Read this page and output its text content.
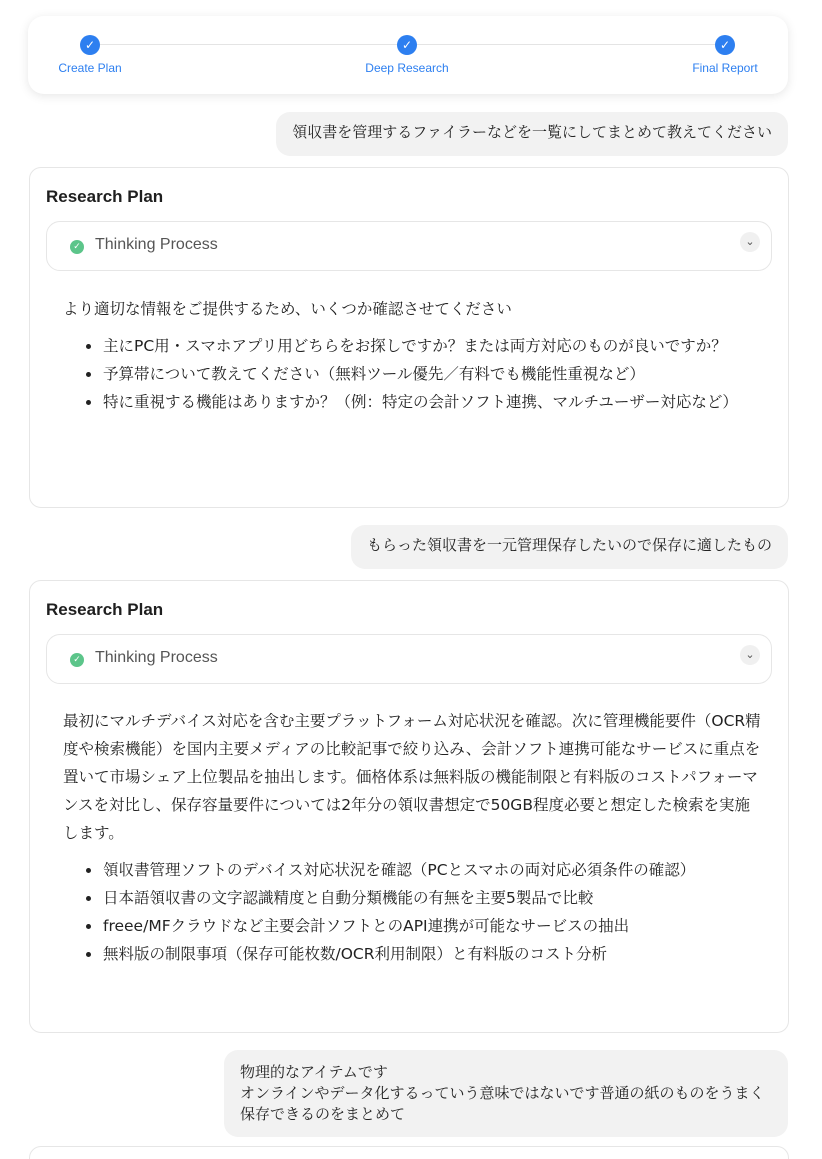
✓
Create Plan
✓
Deep Research
✓
Final Report
領収書を管理するファイラーなどを一覧にしてまとめて教えてください
Research Plan
✓ Thinking Process	⌄

より適切な情報をご提供するため、いくつか確認させてください

主にPC用・スマホアプリ用どちらをお探しですか？または両方対応のものが良いですか？
予算帯について教えてください（無料ツール優先／有料でも機能性重視など）
特に重視する機能はありますか？（例：特定の会計ソフト連携、マルチユーザー対応など）
もらった領収書を一元管理保存したいので保存に適したもの
Research Plan
✓ Thinking Process	⌄

最初にマルチデバイス対応を含む主要プラットフォーム対応状況を確認。次に管理機能要件（OCR精度や検索機能）を国内主要メディアの比較記事で絞り込み、会計ソフト連携可能なサービスに重点を置いて市場シェア上位製品を抽出します。価格体系は無料版の機能制限と有料版のコストパフォーマンスを対比し、保存容量要件については2年分の領収書想定で50GB程度必要と想定した検索を実施します。

領収書管理ソフトのデバイス対応状況を確認（PCとスマホの両対応必須条件の確認）
日本語領収書の文字認識精度と自動分類機能の有無を主要5製品で比較
freee/MFクラウドなど主要会計ソフトとのAPI連携が可能なサービスの抽出
無料版の制限事項（保存可能枚数/OCR利用制限）と有料版のコスト分析
物理的なアイテムです
オンラインやデータ化するっていう意味ではないです普通の紙のものをうまく保存できるのをまとめて
